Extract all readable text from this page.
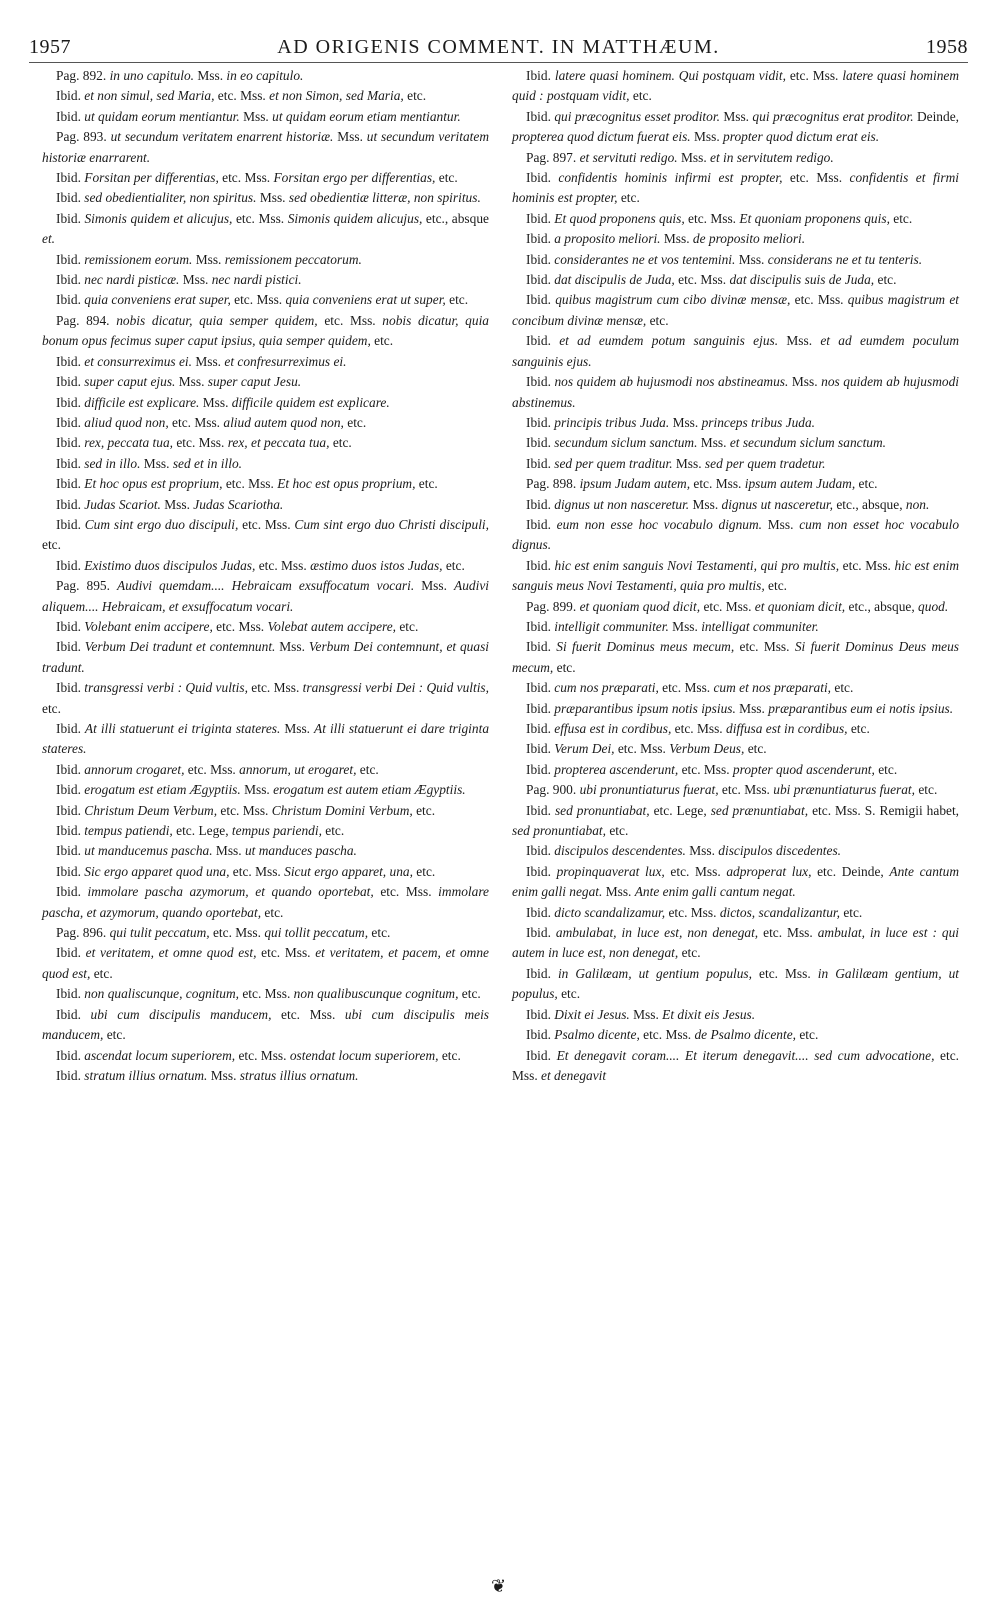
1957	AD ORIGENIS COMMENT. IN MATTHÆUM.	1958

Pag. 892. in uno capitulo. Mss. in eo capitulo.

Ibid. et non simul, sed Maria, etc. Mss. et non Simon, sed Maria, etc.

Ibid. ut quidam eorum mentiantur. Mss. ut quidam eorum etiam mentiantur.

Pag. 893. ut secundum veritatem enarrent historiæ. Mss. ut secundum veritatem historiæ enarrarent.

Ibid. Forsitan per differentias, etc. Mss. Forsitan ergo per differentias, etc.

Ibid. sed obedientialiter, non spiritus. Mss. sed obedientiæ litteræ, non spiritus.

Ibid. Simonis quidem et alicujus, etc. Mss. Simonis quidem alicujus, etc., absque et.

Ibid. remissionem eorum. Mss. remissionem peccatorum.

Ibid. nec nardi pisticæ. Mss. nec nardi pistici.

Ibid. quia conveniens erat super, etc. Mss. quia conveniens erat ut super, etc.

Pag. 894. nobis dicatur, quia semper quidem, etc. Mss. nobis dicatur, quia bonum opus fecimus super caput ipsius, quia semper quidem, etc.

Ibid. et consurreximus ei. Mss. et confresurreximus ei.

Ibid. super caput ejus. Mss. super caput Jesu.

Ibid. difficile est explicare. Mss. difficile quidem est explicare.

Ibid. aliud quod non, etc. Mss. aliud autem quod non, etc.

Ibid. rex, peccata tua, etc. Mss. rex, et peccata tua, etc.

Ibid. sed in illo. Mss. sed et in illo.

Ibid. Et hoc opus est proprium, etc. Mss. Et hoc est opus proprium, etc.

Ibid. Judas Scariot. Mss. Judas Scariotha.

Ibid. Cum sint ergo duo discipuli, etc. Mss. Cum sint ergo duo Christi discipuli, etc.

Ibid. Existimo duos discipulos Judas, etc. Mss. æstimo duos istos Judas, etc.

Pag. 895. Audivi quemdam.... Hebraicam exsuffocatum vocari. Mss. Audivi aliquem.... Hebraicam, et exsuffocatum vocari.

Ibid. Volebant enim accipere, etc. Mss. Volebat autem accipere, etc.

Ibid. Verbum Dei tradunt et contemnunt. Mss. Verbum Dei contemnunt, et quasi tradunt.

Ibid. transgressi verbi : Quid vultis, etc. Mss. transgressi verbi Dei : Quid vultis, etc.

Ibid. At illi statuerunt ei triginta stateres. Mss. At illi statuerunt ei dare triginta stateres.

Ibid. annorum crogaret, etc. Mss. annorum, ut erogaret, etc.

Ibid. erogatum est etiam Ægyptiis. Mss. erogatum est autem etiam Ægyptiis.

Ibid. Christum Deum Verbum, etc. Mss. Christum Domini Verbum, etc.

Ibid. tempus patiendi, etc. Lege, tempus pariendi, etc.

Ibid. ut manducemus pascha. Mss. ut manduces pascha.

Ibid. Sic ergo apparet quod una, etc. Mss. Sicut ergo apparet, una, etc.

Ibid. immolare pascha azymorum, et quando oportebat, etc. Mss. immolare pascha, et azymorum, quando oportebat, etc.

Pag. 896. qui tulit peccatum, etc. Mss. qui tollit peccatum, etc.

Ibid. et veritatem, et omne quod est, etc. Mss. et veritatem, et pacem, et omne quod est, etc.

Ibid. non qualiscunque, cognitum, etc. Mss. non qualibuscunque cognitum, etc.

Ibid. ubi cum discipulis manducem, etc. Mss. ubi cum discipulis meis manducem, etc.

Ibid. ascendat locum superiorem, etc. Mss. ostendat locum superiorem, etc.

Ibid. stratum illius ornatum. Mss. stratus illius ornatum.

Ibid. latere quasi hominem. Qui postquam vidit, etc. Mss. latere quasi hominem quid : postquam vidit, etc.

Ibid. qui præcognitus esset proditor. Mss. qui præcognitus erat proditor. Deinde, propterea quod dictum fuerat eis. Mss. propter quod dictum erat eis.

Pag. 897. et servituti redigo. Mss. et in servitutem redigo.

Ibid. confidentis hominis infirmi est propter, etc. Mss. confidentis et firmi hominis est propter, etc.

Ibid. Et quod proponens quis, etc. Mss. Et quoniam proponens quis, etc.

Ibid. a proposito meliori. Mss. de proposito meliori.

Ibid. considerantes ne et vos tentemini. Mss. considerans ne et tu tenteris.

Ibid. dat discipulis de Juda, etc. Mss. dat discipulis suis de Juda, etc.

Ibid. quibus magistrum cum cibo divinæ mensæ, etc. Mss. quibus magistrum et concibum divinæ mensæ, etc.

Ibid. et ad eumdem potum sanguinis ejus. Mss. et ad eumdem poculum sanguinis ejus.

Ibid. nos quidem ab hujusmodi nos abstineamus. Mss. nos quidem ab hujusmodi abstinemus.

Ibid. principis tribus Juda. Mss. princeps tribus Juda.

Ibid. secundum siclum sanctum. Mss. et secundum siclum sanctum.

Ibid. sed per quem traditur. Mss. sed per quem tradetur.

Pag. 898. ipsum Judam autem, etc. Mss. ipsum autem Judam, etc.

Ibid. dignus ut non nasceretur. Mss. dignus ut nasceretur, etc., absque, non.

Ibid. eum non esse hoc vocabulo dignum. Mss. cum non esset hoc vocabulo dignus.

Ibid. hic est enim sanguis Novi Testamenti, qui pro multis, etc. Mss. hic est enim sanguis meus Novi Testamenti, quia pro multis, etc.

Pag. 899. et quoniam quod dicit, etc. Mss. et quoniam dicit, etc., absque, quod.

Ibid. intelligit communiter. Mss. intelligat communiter.

Ibid. Si fuerit Dominus meus mecum, etc. Mss. Si fuerit Dominus Deus meus mecum, etc.

Ibid. cum nos præparati, etc. Mss. cum et nos præparati, etc.

Ibid. præparantibus ipsum notis ipsius. Mss. præparantibus eum ei notis ipsius.

Ibid. effusa est in cordibus, etc. Mss. diffusa est in cordibus, etc.

Ibid. Verum Dei, etc. Mss. Verbum Deus, etc.

Ibid. propterea ascenderunt, etc. Mss. propter quod ascenderunt, etc.

Pag. 900. ubi pronuntiaturus fuerat, etc. Mss. ubi prænuntiaturus fuerat, etc.

Ibid. sed pronuntiabat, etc. Lege, sed prænuntiabat, etc. Mss. S. Remigii habet, sed pronuntiabat, etc.

Ibid. discipulos descendentes. Mss. discipulos discedentes.

Ibid. propinquaverat lux, etc. Mss. adproperat lux, etc. Deinde, Ante cantum enim galli negat. Mss. Ante enim galli cantum negat.

Ibid. dicto scandalizamur, etc. Mss. dictos, scandalizantur, etc.

Ibid. ambulabat, in luce est, non denegat, etc. Mss. ambulat, in luce est : qui autem in luce est, non denegat, etc.

Ibid. in Galilæam, ut gentium populus, etc. Mss. in Galilæam gentium, ut populus, etc.

Ibid. Dixit ei Jesus. Mss. Et dixit eis Jesus.

Ibid. Psalmo dicente, etc. Mss. de Psalmo dicente, etc.

Ibid. Et denegavit coram.... Et iterum denegavit.... sed cum advocatione, etc. Mss. et denegavit

❦
